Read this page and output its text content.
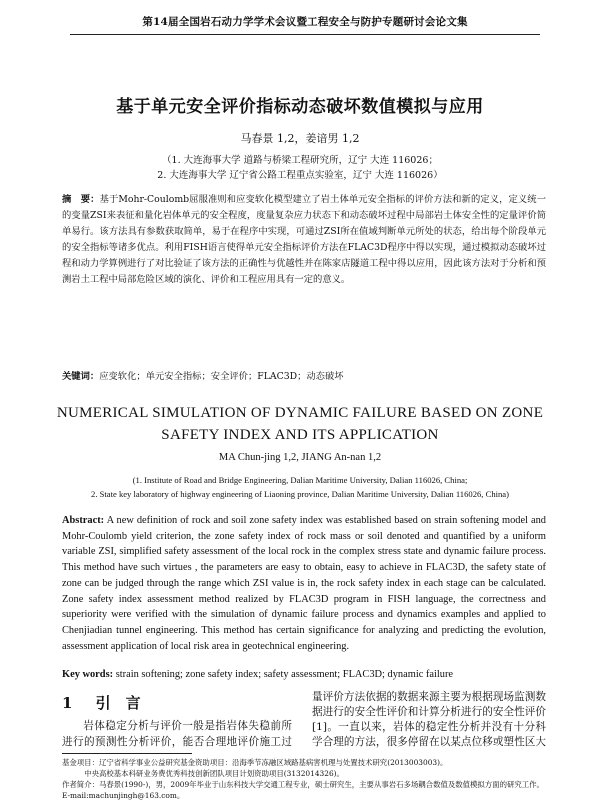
第14届全国岩石动力学学术会议暨工程安全与防护专题研讨会论文集
基于单元安全评价指标动态破坏数值模拟与应用
马春景 1,2，姜谙男 1,2
（1. 大连海事大学 道路与桥梁工程研究所，辽宁 大连 116026；
2. 大连海事大学 辽宁省公路工程重点实验室，辽宁 大连 116026）
摘　要：基于Mohr-Coulomb屈服准则和应变软化模型建立了岩土体单元安全指标的评价方法和新的定义，定义统一的变量ZSI来表征和量化岩体单元的安全程度，度量复杂应力状态下和动态破坏过程中局部岩土体安全性的定量评价简单易行。该方法具有参数获取简单，易于在程序中实现，可通过ZSI所在值域判断单元所处的状态，给出每个阶段单元的安全指标等诸多优点。利用FISH语言使得单元安全指标评价方法在FLAC3D程序中得以实现，通过模拟动态破坏过程和动力学算例进行了对比验证了该方法的正确性与优越性并在陈家店隧道工程中得以应用，因此该方法对于分析和预测岩土工程中局部危险区域的演化、评价和工程应用具有一定的意义。
关键词：应变软化；单元安全指标；安全评价；FLAC3D；动态破坏
NUMERICAL SIMULATION OF DYNAMIC FAILURE BASED ON ZONE SAFETY INDEX AND ITS APPLICATION
MA Chun-jing 1,2, JIANG An-nan 1,2
(1. Institute of Road and Bridge Engineering, Dalian Maritime University, Dalian 116026, China;
2. State key laboratory of highway engineering of Liaoning province, Dalian Maritime University, Dalian 116026, China)
Abstract: A new definition of rock and soil zone safety index was established based on strain softening model and Mohr-Coulomb yield criterion, the zone safety index of rock mass or soil denoted and quantified by a uniform variable ZSI, simplified safety assessment of the local rock in the complex stress state and dynamic failure process. This method have such virtues , the parameters are easy to obtain, easy to achieve in FLAC3D, the safety state of zone can be judged through the range which ZSI value is in, the rock safety index in each stage can be calculated. Zone safety index assessment method realized by FLAC3D program in FISH language, the correctness and superiority were verified with the simulation of dynamic failure process and dynamics examples and applied to Chenjiadian tunnel engineering. This method has certain significance for analyzing and predicting the evolution, assessment application of local risk area in geotechnical engineering.
Key words: strain softening; zone safety index; safety assessment; FLAC3D; dynamic failure
1 引　言
岩体稳定分析与评价一般是指岩体失稳前所进行的预测性分析评价，能否合理地评价施工过
量评价方法依据的数据来源主要为根据现场监测数据进行的安全性评价和计算分析进行的安全性评价[1]。一直以来，岩体的稳定性分析并没有十分科学合理的方法，很多停留在以某点位移或塑性区大
基金项目：辽宁省科学事业公益研究基金资助项目：沿海季节冻融区域路基病害机理与处置技术研究(2013003003)。
中央高校基本科研业务费优秀科技创新团队项目计划资助项目(3132014326)。
作者简介：马春景(1990-)，男，2009年毕业于山东科技大学交通工程专业，硕士研究生，主要从事岩石多场耦合数值及数值模拟方面的研究工作。E-mail:machunjingh@163.com。
